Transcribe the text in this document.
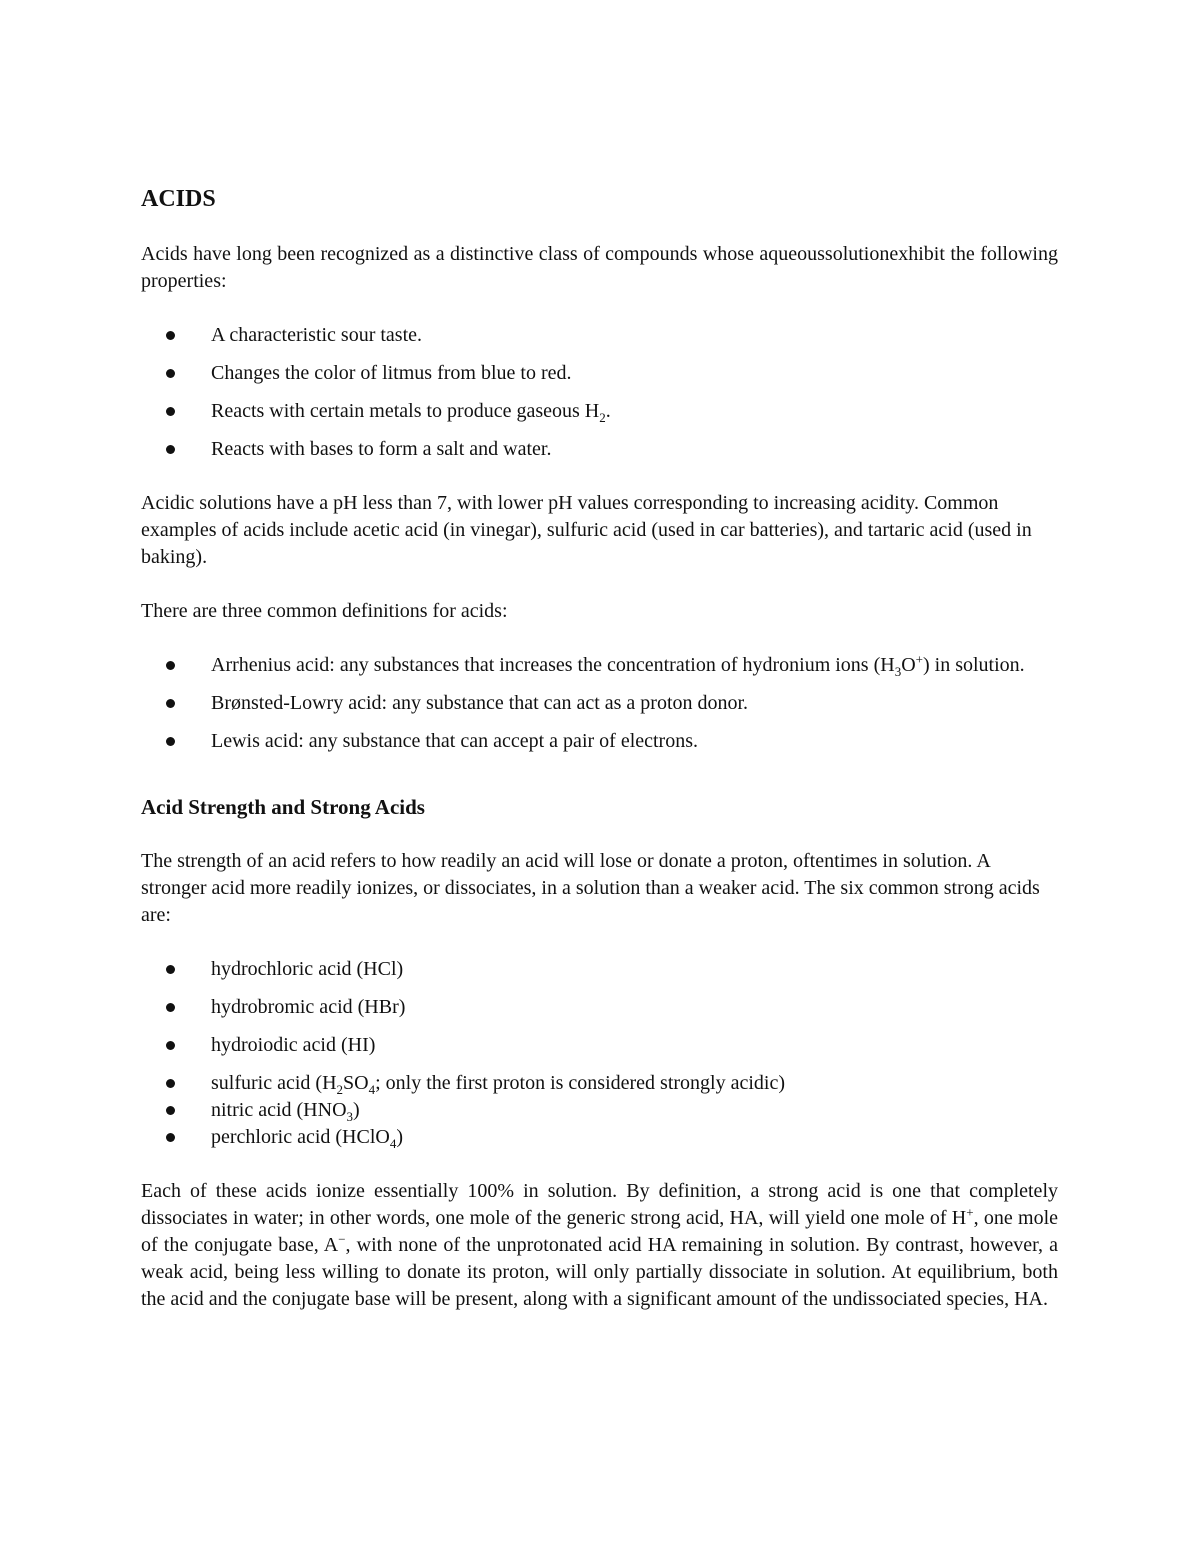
ACIDS

Acids have long been recognized as a distinctive class of compounds whose aqueoussolutionexhibit the following properties:

A characteristic sour taste.
Changes the color of litmus from blue to red.
Reacts with certain metals to produce gaseous $H_2$.
Reacts with bases to form a salt and water.

Acidic solutions have a pH less than 7, with lower pH values corresponding to increasing acidity. Common examples of acids include acetic acid (in vinegar), sulfuric acid (used in car batteries), and tartaric acid (used in baking).

There are three common definitions for acids:

Arrhenius acid: any substances that increases the concentration of hydronium ions $(H_3O^+)$ in solution.
Brønsted-Lowry acid: any substance that can act as a proton donor.
Lewis acid: any substance that can accept a pair of electrons.
Acid Strength and Strong Acids

The strength of an acid refers to how readily an acid will lose or donate a proton, oftentimes in solution. A stronger acid more readily ionizes, or dissociates, in a solution than a weaker acid. The six common strong acids are:

hydrochloric acid (HCl)
hydrobromic acid (HBr)
hydroiodic acid (HI)
sulfuric acid ($H_2SO_4$; only the first proton is considered strongly acidic)
nitric acid $(HNO_3)$
perchloric acid (HClO$_4$)

Each of these acids ionize essentially 100% in solution. By definition, a strong acid is one that completely dissociates in water; in other words, one mole of the generic strong acid, HA, will yield one mole of H+, one mole of the conjugate base, A−, with none of the unprotonated acid HA remaining in solution. By contrast, however, a weak acid, being less willing to donate its proton, will only partially dissociate in solution. At equilibrium, both the acid and the conjugate base will be present, along with a significant amount of the undissociated species, HA.
